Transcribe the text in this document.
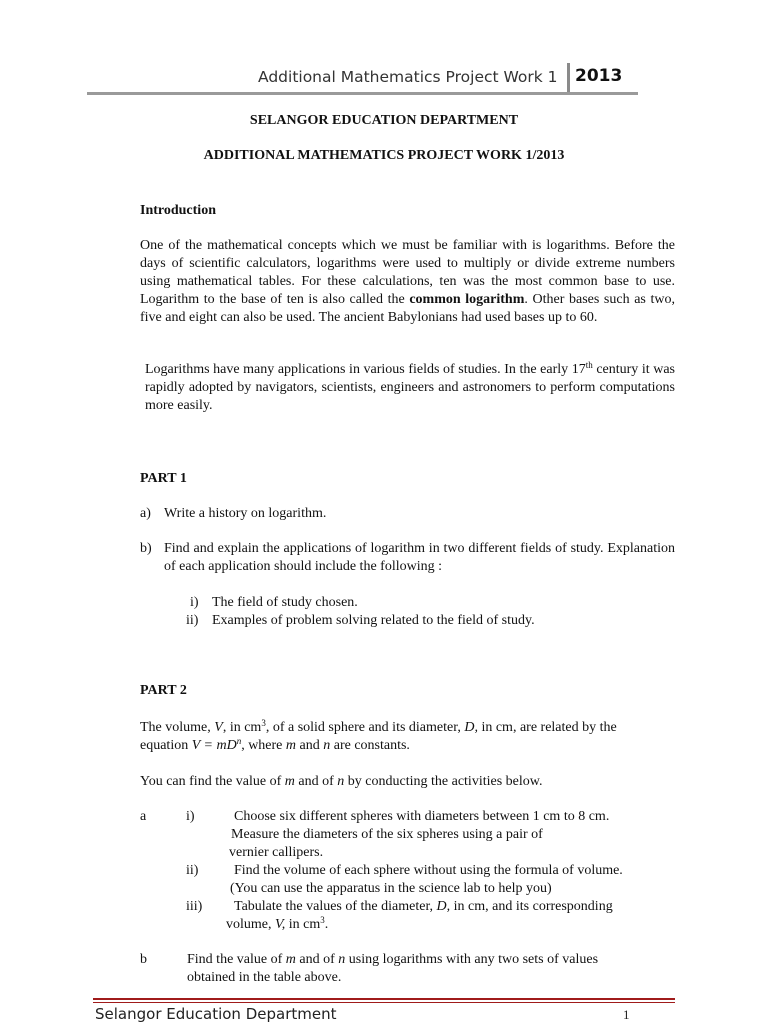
Additional Mathematics Project Work 1 2013
SELANGOR EDUCATION DEPARTMENT
ADDITIONAL MATHEMATICS PROJECT WORK 1/2013
Introduction

One of the mathematical concepts which we must be familiar with is logarithms. Before the days of scientific calculators, logarithms were used to multiply or divide extreme numbers using mathematical tables. For these calculations, ten was the most common base to use. Logarithm to the base of ten is also called the common logarithm. Other bases such as two, five and eight can also be used. The ancient Babylonians had used bases up to 60.

Logarithms have many applications in various fields of studies. In the early 17th century it was rapidly adopted by navigators, scientists, engineers and astronomers to perform computations more easily.

PART 1
a) Write a history on logarithm.
b) Find and explain the applications of logarithm in two different fields of study. Explanation of each application should include the following :

i) The field of study chosen.
ii) Examples of problem solving related to the field of study.
PART 2
The volume, V, in $cm^3$, of a solid sphere and its diameter, D, in cm, are related by the
equation $V = mD^n$, where m and n are constants.
You can find the value of m and of n by conducting the activities below.
a	i)	Choose six different spheres with diameters between 1 cm to 8 cm.
Measure the diameters of the six spheres using a pair of
vernier callipers.
ii)	Find the volume of each sphere without using the formula of volume.
(You can use the apparatus in the science lab to help you)
iii) Tabulate the values of the diameter, D, in cm, and its corresponding
volume, V, in $cm^3$.
b	Find the value of m and of n using logarithms with any two sets of values
obtained in the table above.
Selangor Education Department	1
